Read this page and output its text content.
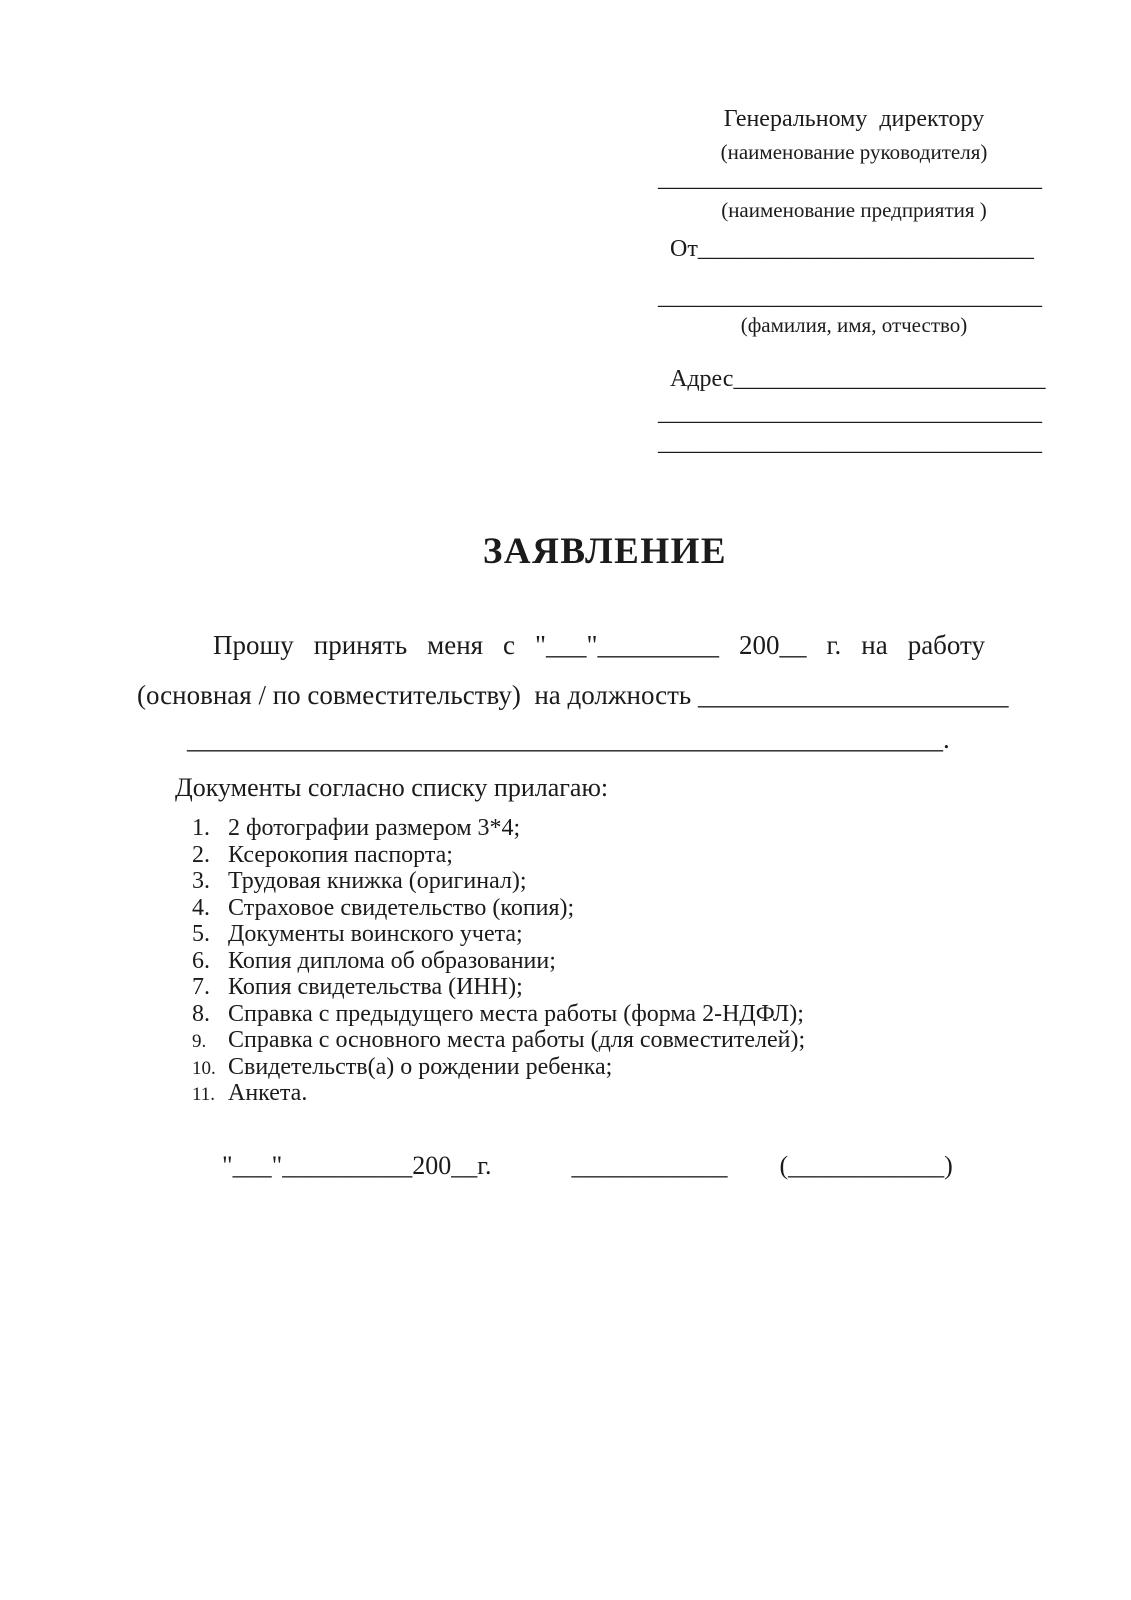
Генеральному  директору
(наименование руководителя)
________________________________
(наименование предприятия )
От____________________________
________________________________
(фамилия, имя, отчество)
Адрес__________________________
________________________________
________________________________
ЗАЯВЛЕНИЕ
Прошу принять меня с "___"_________ 200__ г. на работу
(основная / по совместительству)  на должность _______________________
________________________________________________________.
Документы согласно списку прилагаю:
1. 2 фотографии размером 3*4;
2. Ксерокопия паспорта;
3. Трудовая книжка (оригинал);
4. Страховое свидетельство (копия);
5. Документы воинского учета;
6. Копия диплома об образовании;
7. Копия свидетельства (ИНН);
8. Справка с предыдущего места работы (форма 2-НДФЛ);
9. Справка с основного места работы (для совместителей);
10. Свидетельств(а) о рождении ребенка;
11. Анкета.
"___"__________200__г.	____________ (____________)
